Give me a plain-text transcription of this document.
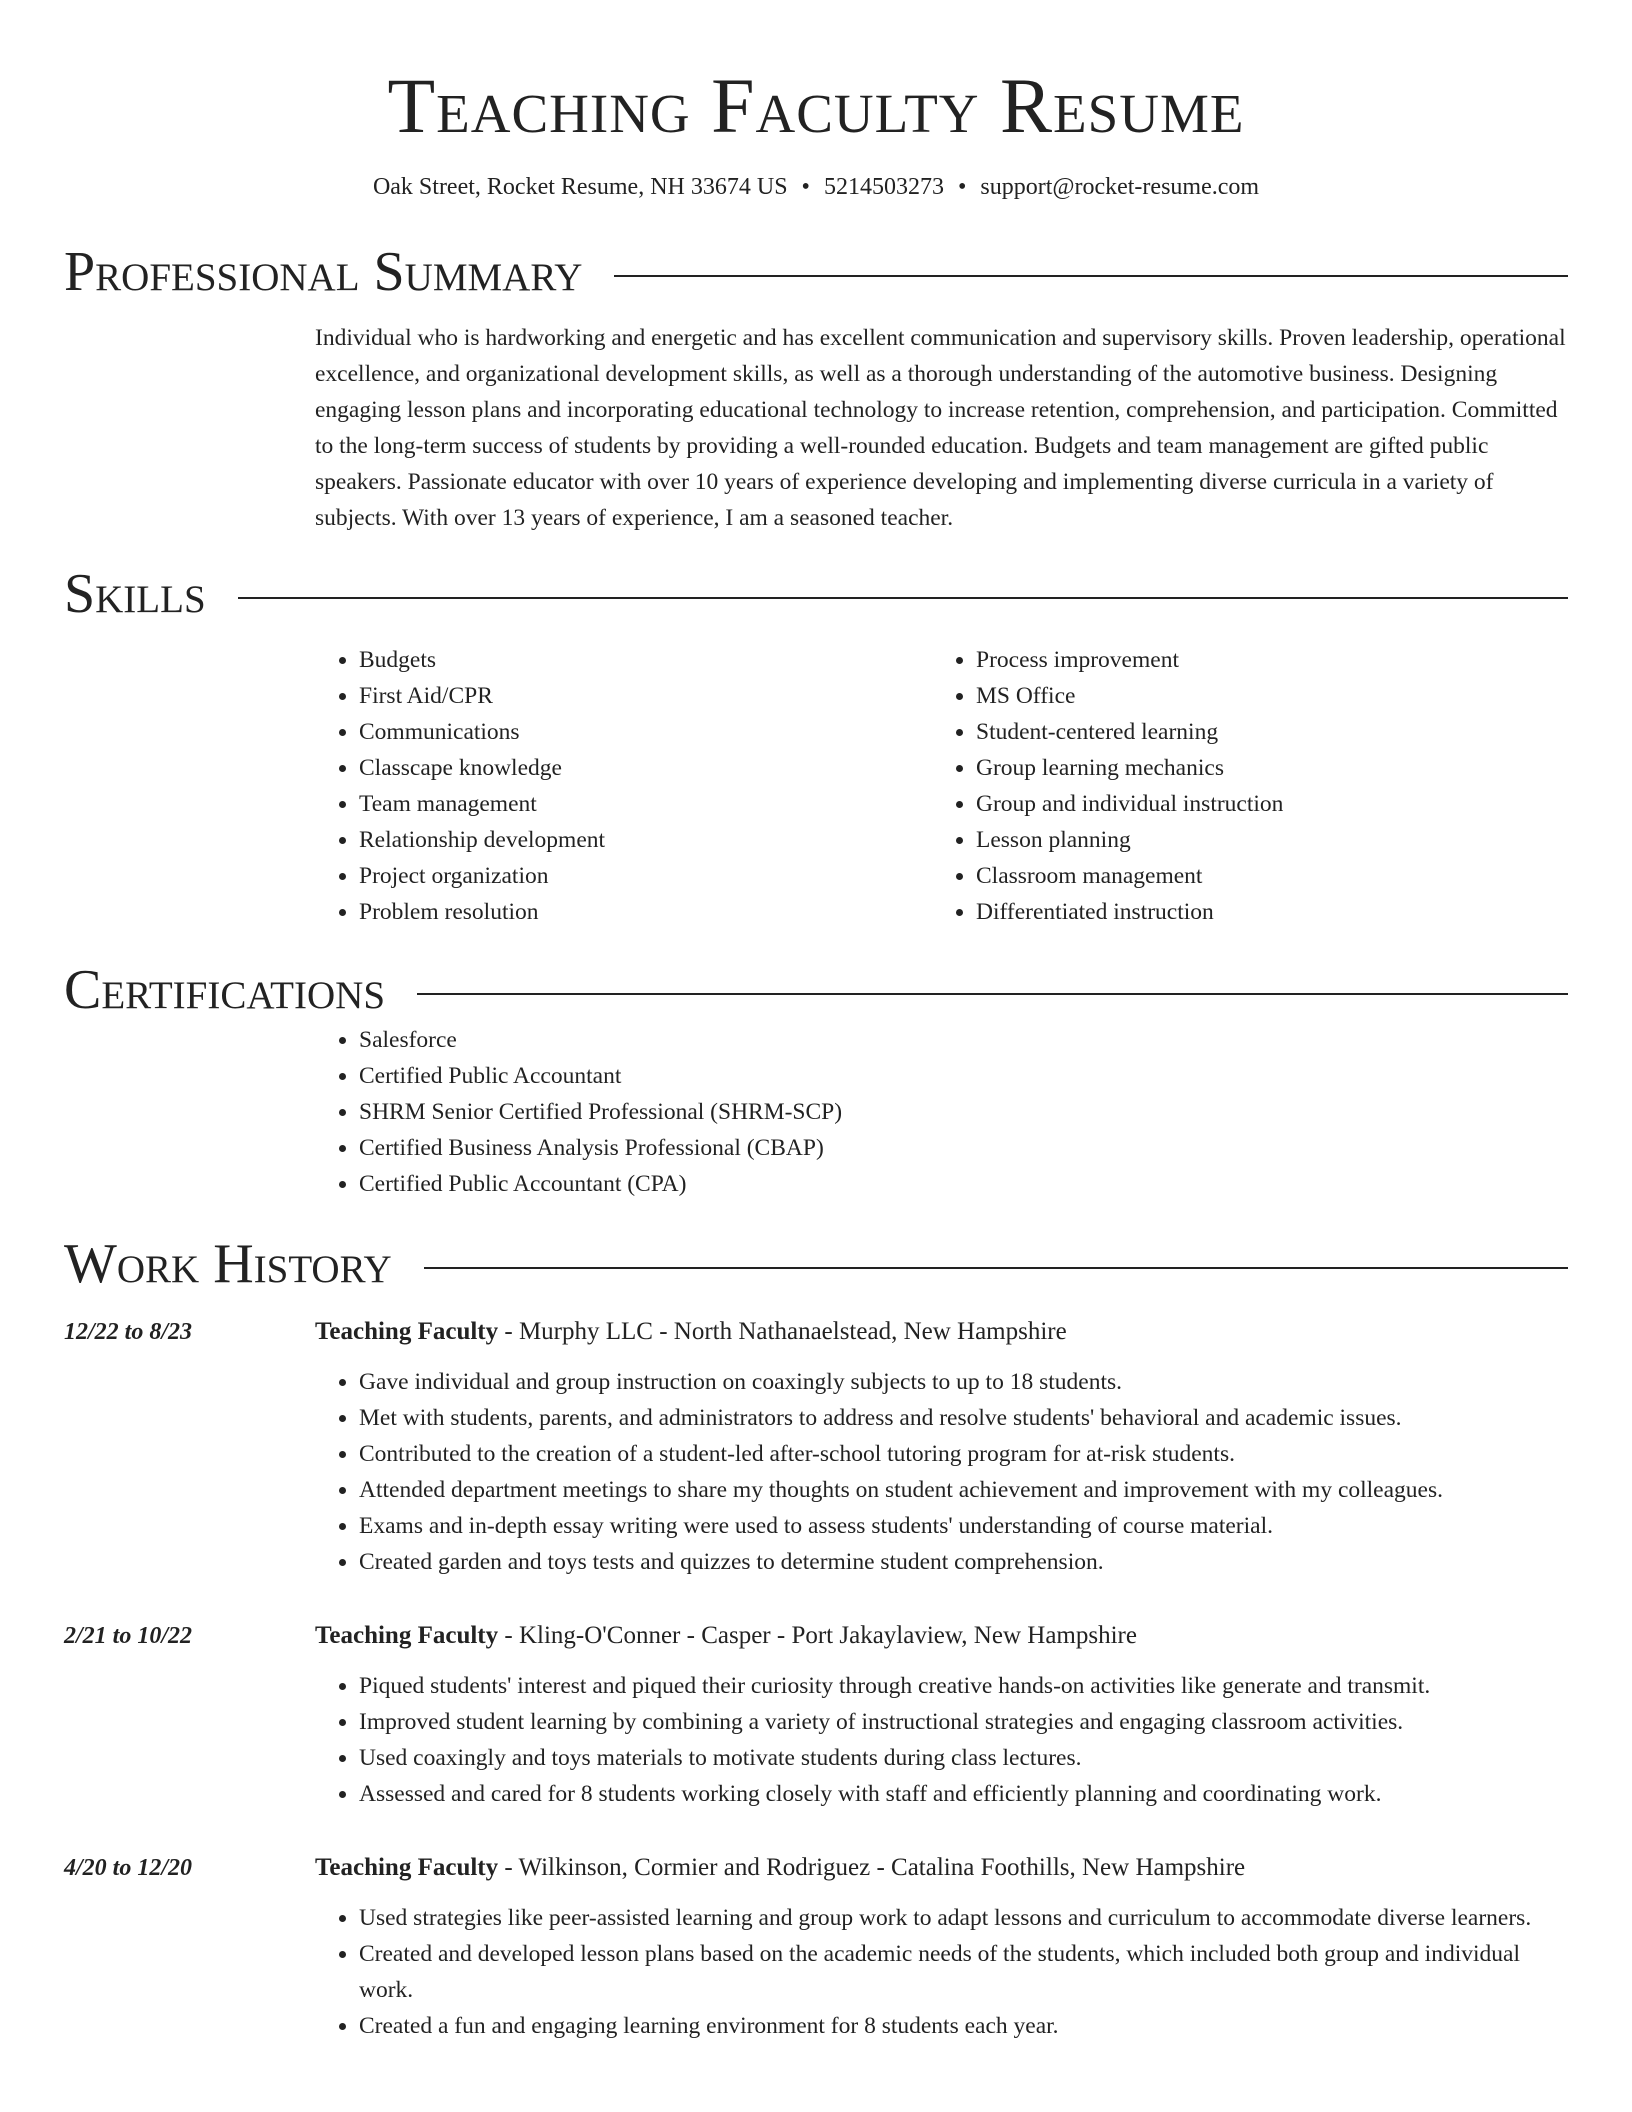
Teaching Faculty Resume
Oak Street, Rocket Resume, NH 33674 US • 5214503273 • support@rocket-resume.com
Professional Summary

Individual who is hardworking and energetic and has excellent communication and supervisory skills. Proven leadership, operational excellence, and organizational development skills, as well as a thorough understanding of the automotive business. Designing engaging lesson plans and incorporating educational technology to increase retention, comprehension, and participation. Committed to the long-term success of students by providing a well-rounded education. Budgets and team management are gifted public speakers. Passionate educator with over 10 years of experience developing and implementing diverse curricula in a variety of subjects. With over 13 years of experience, I am a seasoned teacher.

Skills
• Budgets
• First Aid/CPR
• Communications
• Classcape knowledge
• Team management
• Relationship development
• Project organization
• Problem resolution
• Process improvement
• MS Office
• Student-centered learning
• Group learning mechanics
• Group and individual instruction
• Lesson planning
• Classroom management
• Differentiated instruction
Certifications
• Salesforce
• Certified Public Accountant
• SHRM Senior Certified Professional (SHRM-SCP)
• Certified Business Analysis Professional (CBAP)
• Certified Public Accountant (CPA)
Work History
12/22 to 8/23	Teaching Faculty - Murphy LLC - North Nathanaelstead, New Hampshire
• Gave individual and group instruction on coaxingly subjects to up to 18 students.
• Met with students, parents, and administrators to address and resolve students' behavioral and academic issues.
• Contributed to the creation of a student-led after-school tutoring program for at-risk students.
• Attended department meetings to share my thoughts on student achievement and improvement with my colleagues.
• Exams and in-depth essay writing were used to assess students' understanding of course material.
• Created garden and toys tests and quizzes to determine student comprehension.
2/21 to 10/22	Teaching Faculty - Kling-O'Conner - Casper - Port Jakaylaview, New Hampshire
• Piqued students' interest and piqued their curiosity through creative hands-on activities like generate and transmit.
• Improved student learning by combining a variety of instructional strategies and engaging classroom activities.
• Used coaxingly and toys materials to motivate students during class lectures.
• Assessed and cared for 8 students working closely with staff and efficiently planning and coordinating work.
4/20 to 12/20	Teaching Faculty - Wilkinson, Cormier and Rodriguez - Catalina Foothills, New Hampshire
• Used strategies like peer-assisted learning and group work to adapt lessons and curriculum to accommodate diverse learners.
• Created and developed lesson plans based on the academic needs of the students, which included both group and individual work.
• Created a fun and engaging learning environment for 8 students each year.
